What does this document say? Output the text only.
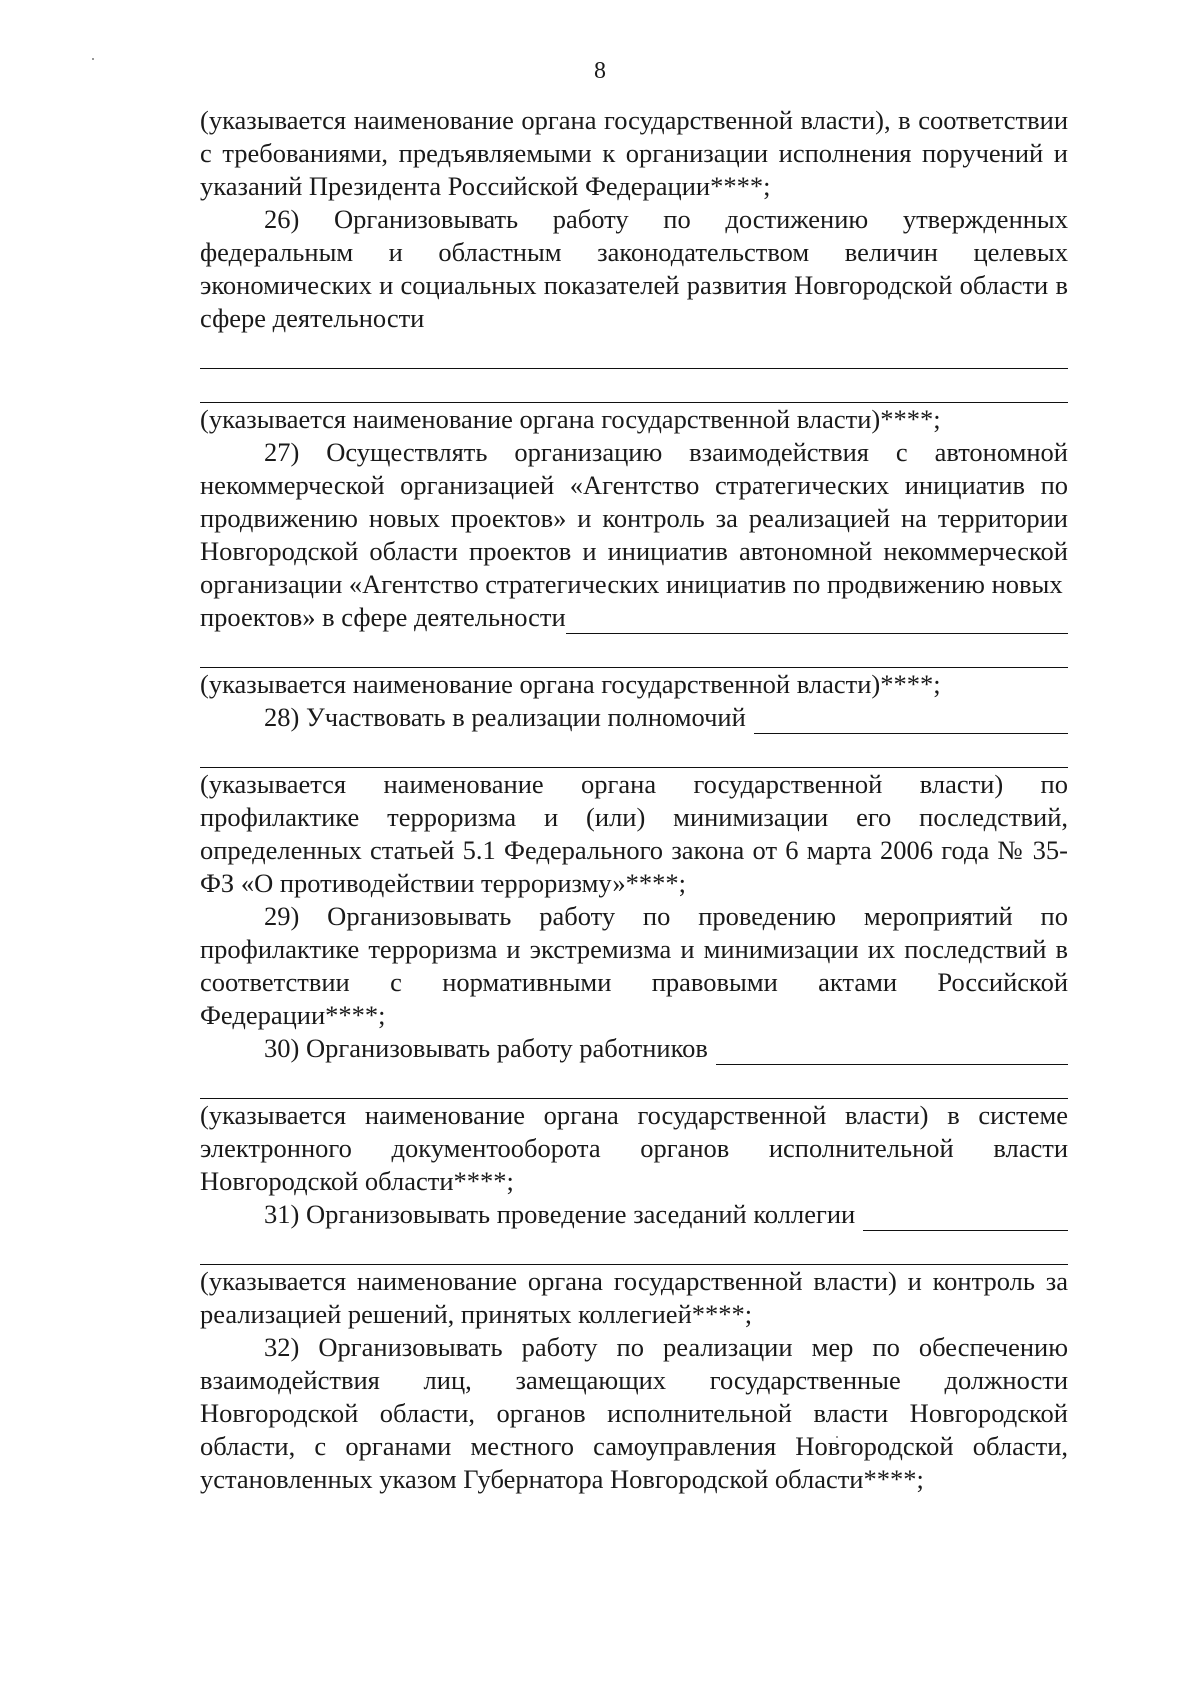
8

(указывается наименование органа государственной власти), в соответствии с требованиями, предъявляемыми к организации исполнения поручений и указаний Президента Российской Федерации****;

26) Организовывать работу по достижению утвержденных федеральным и областным законодательством величин целевых экономических и социальных показателей развития Новгородской области в сфере деятельности

(указывается наименование органа государственной власти)****;

27) Осуществлять организацию взаимодействия с автономной некоммерческой организацией «Агентство стратегических инициатив по продвижению новых проектов» и контроль за реализацией на территории Новгородской области проектов и инициатив автономной некоммерческой организации «Агентство стратегических инициатив по продвижению новых

проектов» в сфере деятельности

(указывается наименование органа государственной власти)****;

28) Участвовать в реализации полномочий

(указывается наименование органа государственной власти) по профилактике терроризма и (или) минимизации его последствий, определенных статьей 5.1 Федерального закона от 6 марта 2006 года № 35-ФЗ «О противодействии терроризму»****;

29) Организовывать работу по проведению мероприятий по профилактике терроризма и экстремизма и минимизации их последствий в соответствии с нормативными правовыми актами Российской Федерации****;

30) Организовывать работу работников

(указывается наименование органа государственной власти) в системе электронного документооборота органов исполнительной власти Новгородской области****;

31) Организовывать проведение заседаний коллегии

(указывается наименование органа государственной власти) и контроль за реализацией решений, принятых коллегией****;

32) Организовывать работу по реализации мер по обеспечению взаимодействия лиц, замещающих государственные должности Новгородской области, органов исполнительной власти Новгородской области, с органами местного самоуправления Новгородской области, установленных указом Губернатора Новгородской области****;
